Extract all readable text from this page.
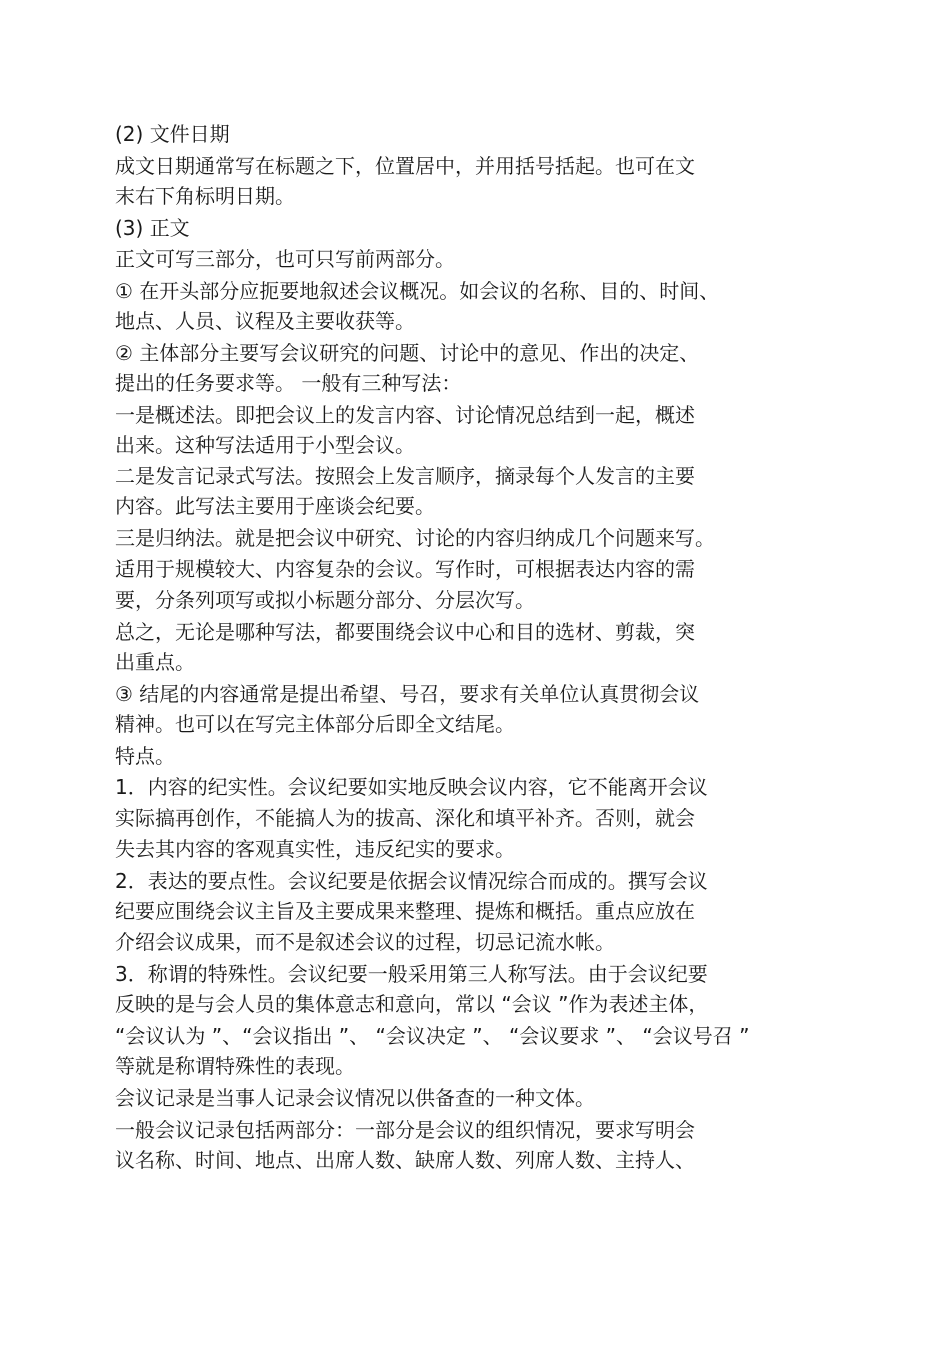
(2) 文件日期
成文日期通常写在标题之下，位置居中，并用括号括起。也可在文
末右下角标明日期。
(3) 正文
正文可写三部分，也可只写前两部分。
① 在开头部分应扼要地叙述会议概况。如会议的名称、目的、时间、
地点、人员、议程及主要收获等。
② 主体部分主要写会议研究的问题、讨论中的意见、作出的决定、
提出的任务要求等。 一般有三种写法：
一是概述法。即把会议上的发言内容、讨论情况总结到一起，概述
出来。这种写法适用于小型会议。
二是发言记录式写法。按照会上发言顺序，摘录每个人发言的主要
内容。此写法主要用于座谈会纪要。
三是归纳法。就是把会议中研究、讨论的内容归纳成几个问题来写。
适用于规模较大、内容复杂的会议。写作时，可根据表达内容的需
要，分条列项写或拟小标题分部分、分层次写。
总之，无论是哪种写法，都要围绕会议中心和目的选材、剪裁，突
出重点。
③ 结尾的内容通常是提出希望、号召，要求有关单位认真贯彻会议
精神。也可以在写完主体部分后即全文结尾。
特点。
1．内容的纪实性。会议纪要如实地反映会议内容，它不能离开会议
实际搞再创作，不能搞人为的拔高、深化和填平补齐。否则，就会
失去其内容的客观真实性，违反纪实的要求。
2．表达的要点性。会议纪要是依据会议情况综合而成的。撰写会议
纪要应围绕会议主旨及主要成果来整理、提炼和概括。重点应放在
介绍会议成果，而不是叙述会议的过程，切忌记流水帐。
3．称谓的特殊性。会议纪要一般采用第三人称写法。由于会议纪要
反映的是与会人员的集体意志和意向，常以 “会议 ”作为表述主体，
“会议认为 ”、“会议指出 ”、 “会议决定 ”、 “会议要求 ”、 “会议号召 ”
等就是称谓特殊性的表现。
会议记录是当事人记录会议情况以供备查的一种文体。
一般会议记录包括两部分：一部分是会议的组织情况，要求写明会
议名称、时间、地点、出席人数、缺席人数、列席人数、主持人、
